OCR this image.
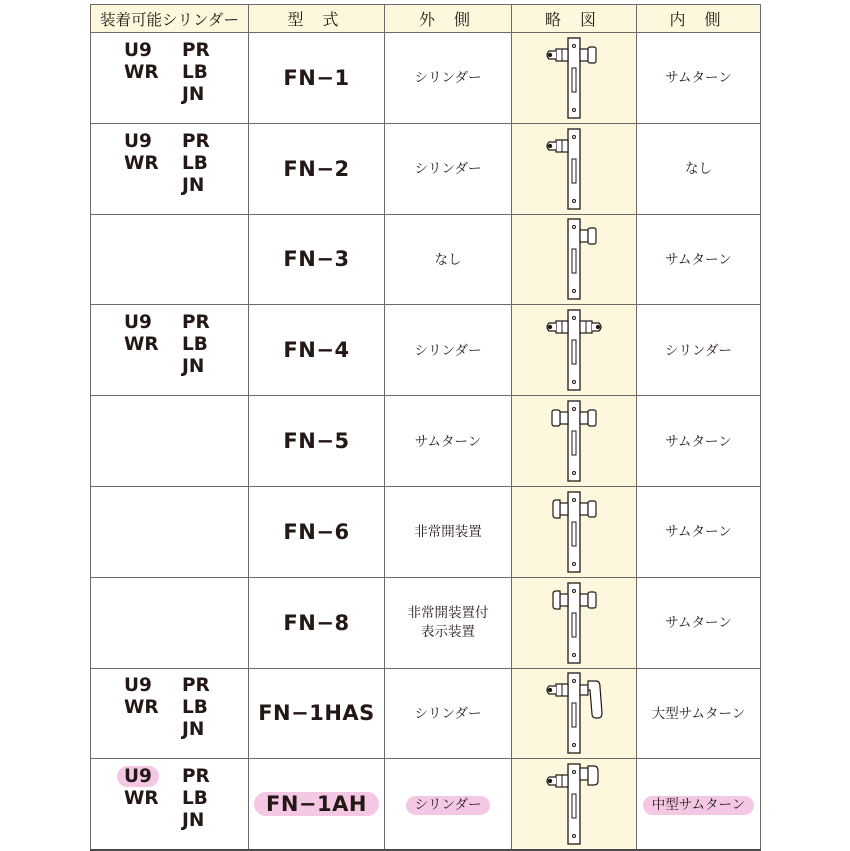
装着可能シリンダー	型 式	外 側	略 図	内 側

U9 PR
WR LB
JN	FN−1	シリンダー		サムターン

U9 PR
WR LB
JN	FN−2	シリンダー		なし
	FN−3	なし		サムターン

U9 PR
WR LB
JN	FN−4	シリンダー		シリンダー
	FN−5	サムターン		サムターン
	FN−6	非常開装置		サムターン
	FN−8	非常開装置付
表示装置		サムターン

U9 PR
WR LB
JN	FN−1HAS	シリンダー		大型サムターン

U9 PR
WR LB
JN	FN−1AH	シリンダー		中型サムターン
